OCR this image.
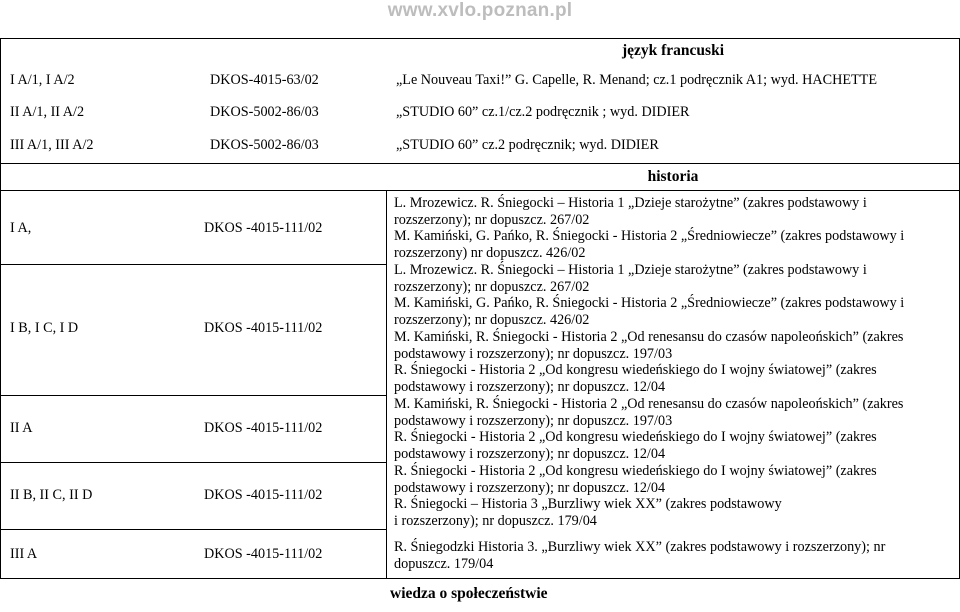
www.xvlo.poznan.pl
język francuski
I A/1, I A/2	DKOS-4015-63/02	„Le Nouveau Taxi!” G. Capelle, R. Menand; cz.1 podręcznik A1; wyd. HACHETTE
II A/1, II A/2	DKOS-5002-86/03	„STUDIO 60” cz.1/cz.2 podręcznik ; wyd. DIDIER
III A/1, III A/2	DKOS-5002-86/03	„STUDIO 60” cz.2 podręcznik; wyd. DIDIER
historia
I A,	DKOS -4015-111/02
I B, I C, I D	DKOS -4015-111/02
II A	DKOS -4015-111/02
II B, II C, II D	DKOS -4015-111/02
III A	DKOS -4015-111/02
L. Mrozewicz. R. Śniegocki – Historia 1 „Dzieje starożytne” (zakres podstawowy i
rozszerzony); nr dopuszcz. 267/02
M. Kamiński, G. Pańko, R. Śniegocki - Historia 2 „Średniowiecze” (zakres podstawowy i
rozszerzony) nr dopuszcz. 426/02
L. Mrozewicz. R. Śniegocki – Historia 1 „Dzieje starożytne” (zakres podstawowy i
rozszerzony); nr dopuszcz. 267/02
M. Kamiński, G. Pańko, R. Śniegocki - Historia 2 „Średniowiecze” (zakres podstawowy i
rozszerzony); nr dopuszcz. 426/02
M. Kamiński, R. Śniegocki - Historia 2 „Od renesansu do czasów napoleońskich” (zakres
podstawowy i rozszerzony); nr dopuszcz. 197/03
R. Śniegocki - Historia 2 „Od kongresu wiedeńskiego do I wojny światowej” (zakres
podstawowy i rozszerzony); nr dopuszcz. 12/04
M. Kamiński, R. Śniegocki - Historia 2 „Od renesansu do czasów napoleońskich” (zakres
podstawowy i rozszerzony); nr dopuszcz. 197/03
R. Śniegocki - Historia 2 „Od kongresu wiedeńskiego do I wojny światowej” (zakres
podstawowy i rozszerzony); nr dopuszcz. 12/04
R. Śniegocki - Historia 2 „Od kongresu wiedeńskiego do I wojny światowej” (zakres
podstawowy i rozszerzony); nr dopuszcz. 12/04
R. Śniegocki – Historia 3 „Burzliwy wiek XX” (zakres podstawowy
i rozszerzony); nr dopuszcz. 179/04
R. Śniegodzki Historia 3. „Burzliwy wiek XX” (zakres podstawowy i rozszerzony); nr
dopuszcz. 179/04
wiedza o społeczeństwie
